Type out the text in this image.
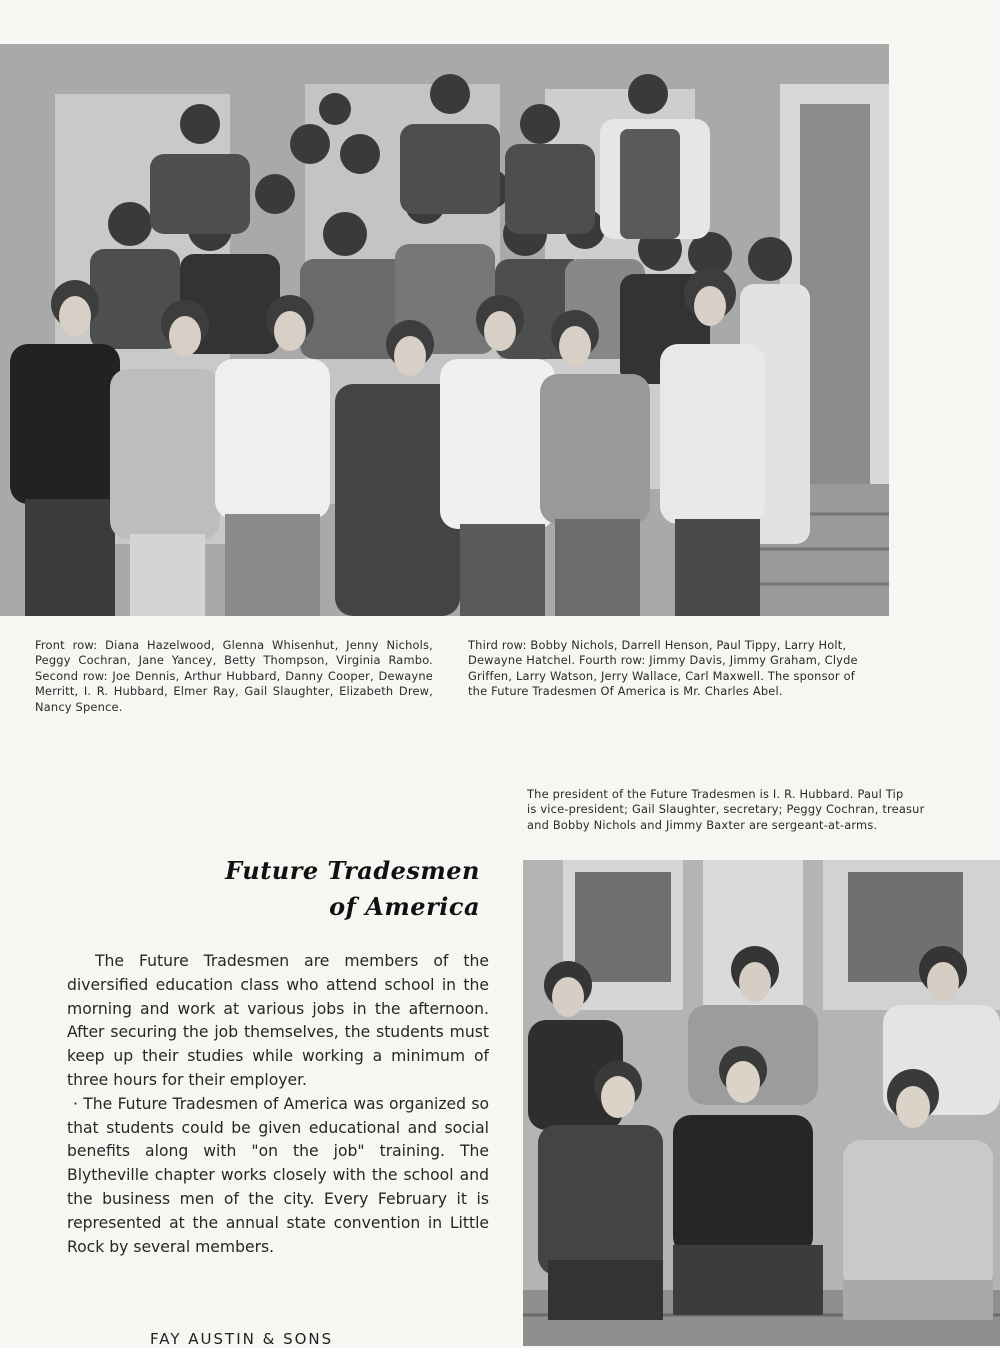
Front row: Diana Hazelwood, Glenna Whisenhut, Jenny Nichols, Peggy Cochran, Jane Yancey, Betty Thompson, Virginia Rambo. Second row: Joe Dennis, Arthur Hubbard, Danny Cooper, Dewayne Merritt, I. R. Hubbard, Elmer Ray, Gail Slaughter, Elizabeth Drew, Nancy Spence.
Third row: Bobby Nichols, Darrell Henson, Paul Tippy, Larry Holt, Dewayne Hatchel. Fourth row: Jimmy Davis, Jimmy Graham, Clyde Griffen, Larry Watson, Jerry Wallace, Carl Maxwell. The sponsor of the Future Tradesmen Of America is Mr. Charles Abel.
The president of the Future Tradesmen is I. R. Hubbard. Paul Tip
is vice-president; Gail Slaughter, secretary; Peggy Cochran, treasur
and Bobby Nichols and Jimmy Baxter are sergeant-at-arms.
Future Tradesmen
of America

The Future Tradesmen are members of the diversified education class who attend school in the morning and work at various jobs in the afternoon. After securing the job themselves, the students must keep up their studies while working a minimum of three hours for their employer.

· The Future Tradesmen of America was organized so that students could be given educational and social benefits along with "on the job" training. The Blytheville chapter works closely with the school and the business men of the city. Every February it is represented at the annual state convention in Little Rock by several members.

FAY AUSTIN & SONS
